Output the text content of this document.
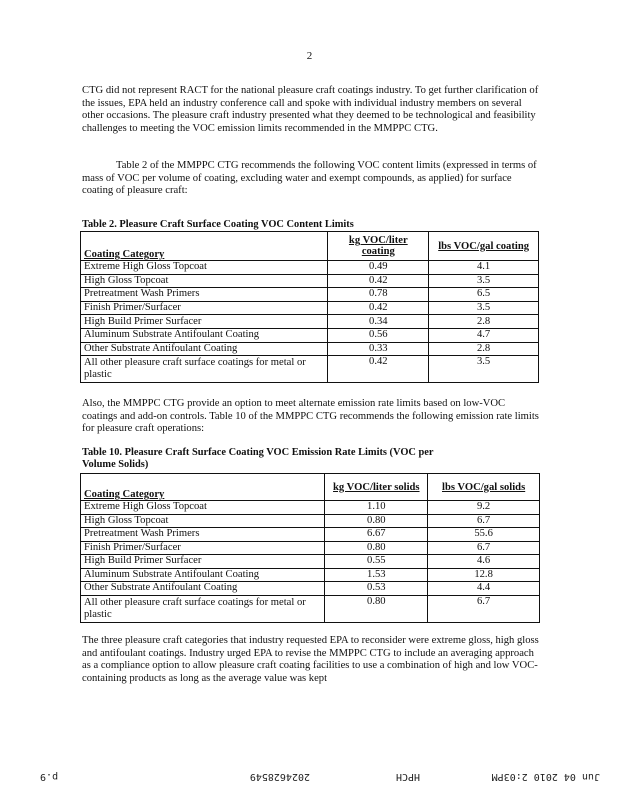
2

CTG did not represent RACT for the national pleasure craft coatings industry. To get further clarification of the issues, EPA held an industry conference call and spoke with individual industry members on several other occasions. The pleasure craft industry presented what they deemed to be technological and feasibility challenges to meeting the VOC emission limits recommended in the MMPPC CTG.

Table 2 of the MMPPC CTG recommends the following VOC content limits (expressed in terms of mass of VOC per volume of coating, excluding water and exempt compounds, as applied) for surface coating of pleasure craft:

Table 2. Pleasure Craft Surface Coating VOC Content Limits
Coating Category	kg VOC/liter coating	lbs VOC/gal coating
Extreme High Gloss Topcoat	0.49	4.1
High Gloss Topcoat	0.42	3.5
Pretreatment Wash Primers	0.78	6.5
Finish Primer/Surfacer	0.42	3.5
High Build Primer Surfacer	0.34	2.8
Aluminum Substrate Antifoulant Coating	0.56	4.7
Other Substrate Antifoulant Coating	0.33	2.8
All other pleasure craft surface coatings for metal or plastic	0.42	3.5

Also, the MMPPC CTG provide an option to meet alternate emission rate limits based on low-VOC coatings and add-on controls. Table 10 of the MMPPC CTG recommends the following emission rate limits for pleasure craft operations:

Table 10. Pleasure Craft Surface Coating VOC Emission Rate Limits (VOC per Volume Solids)
Coating Category	kg VOC/liter solids	lbs VOC/gal solids
Extreme High Gloss Topcoat	1.10	9.2
High Gloss Topcoat	0.80	6.7
Pretreatment Wash Primers	6.67	55.6
Finish Primer/Surfacer	0.80	6.7
High Build Primer Surfacer	0.55	4.6
Aluminum Substrate Antifoulant Coating	1.53	12.8
Other Substrate Antifoulant Coating	0.53	4.4
All other pleasure craft surface coatings for metal or plastic	0.80	6.7

The three pleasure craft categories that industry requested EPA to reconsider were extreme gloss, high gloss and antifoulant coatings. Industry urged EPA to revise the MMPPC CTG to include an averaging approach as a compliance option to allow pleasure craft coating facilities to use a combination of high and low VOC-containing products as long as the average value was kept

Jun 04 2010 2:03PM
HPCH
2024628549
p.9
